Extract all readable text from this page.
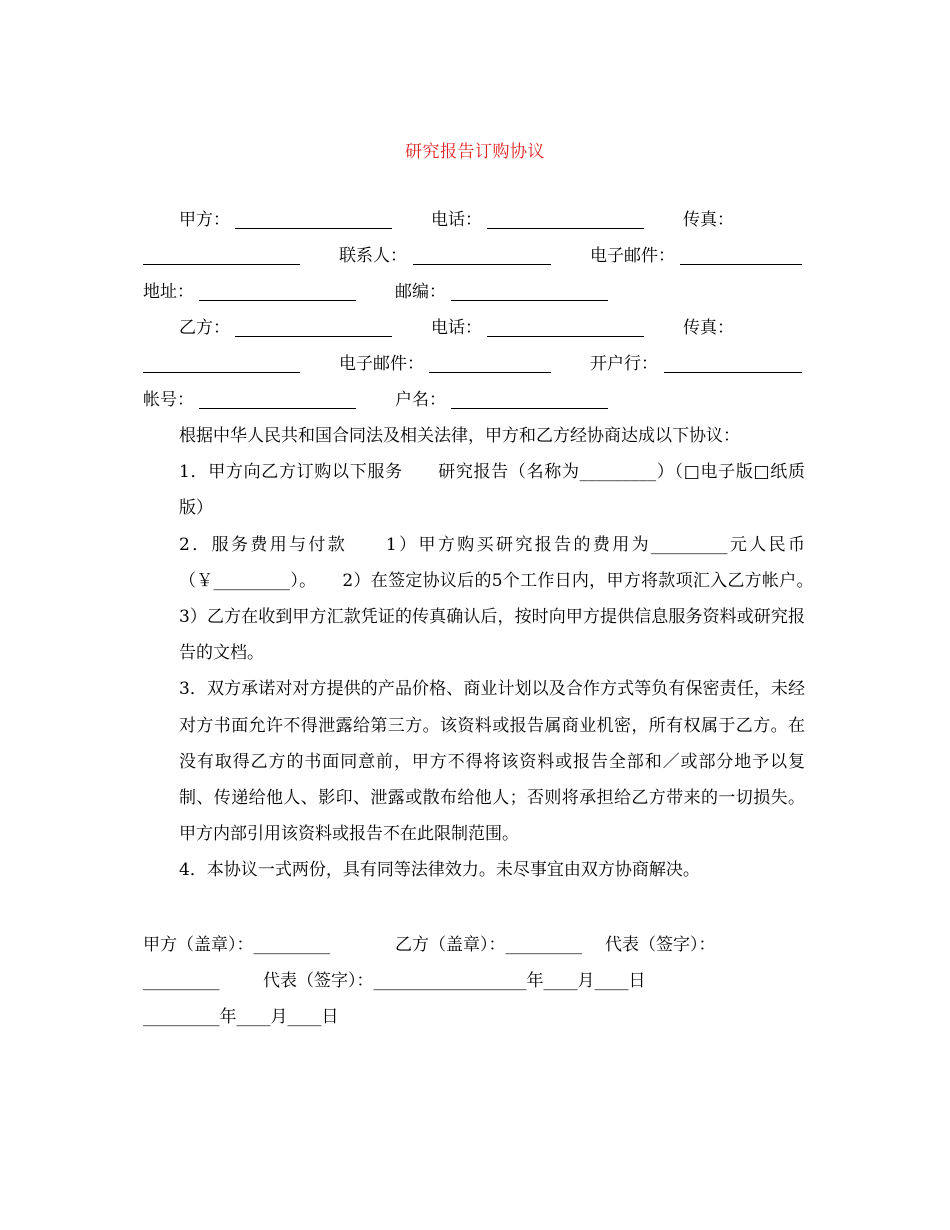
研究报告订购协议

甲方：

	电话：

	传真：

联系人：

	电子邮件：

地址：

	邮编：

乙方：

	电话：

	传真：

电子邮件：

	开户行：

帐号：

	户名：

根据中华人民共和国合同法及相关法律，甲方和乙方经协商达成以下协议：

1．甲方向乙方订购以下服务　　研究报告（名称为_________）（□电子版□纸质版）

2．服务费用与付款　　1）甲方购买研究报告的费用为_________元人民币（￥_________）。　　2）在签定协议后的5个工作日内，甲方将款项汇入乙方帐户。　　3）乙方在收到甲方汇款凭证的传真确认后，按时向甲方提供信息服务资料或研究报告的文档。

3．双方承诺对对方提供的产品价格、商业计划以及合作方式等负有保密责任，未经对方书面允许不得泄露给第三方。该资料或报告属商业机密，所有权属于乙方。在没有取得乙方的书面同意前，甲方不得将该资料或报告全部和／或部分地予以复制、传递给他人、影印、泄露或散布给他人；否则将承担给乙方带来的一切损失。甲方内部引用该资料或报告不在此限制范围。

4．本协议一式两份，具有同等法律效力。未尽事宜由双方协商解决。

甲方（盖章）：_________

	乙方（盖章）：_________

代表（签字）：

_________

	代表（签字）：__________________年____月____日

_________年____月____日
